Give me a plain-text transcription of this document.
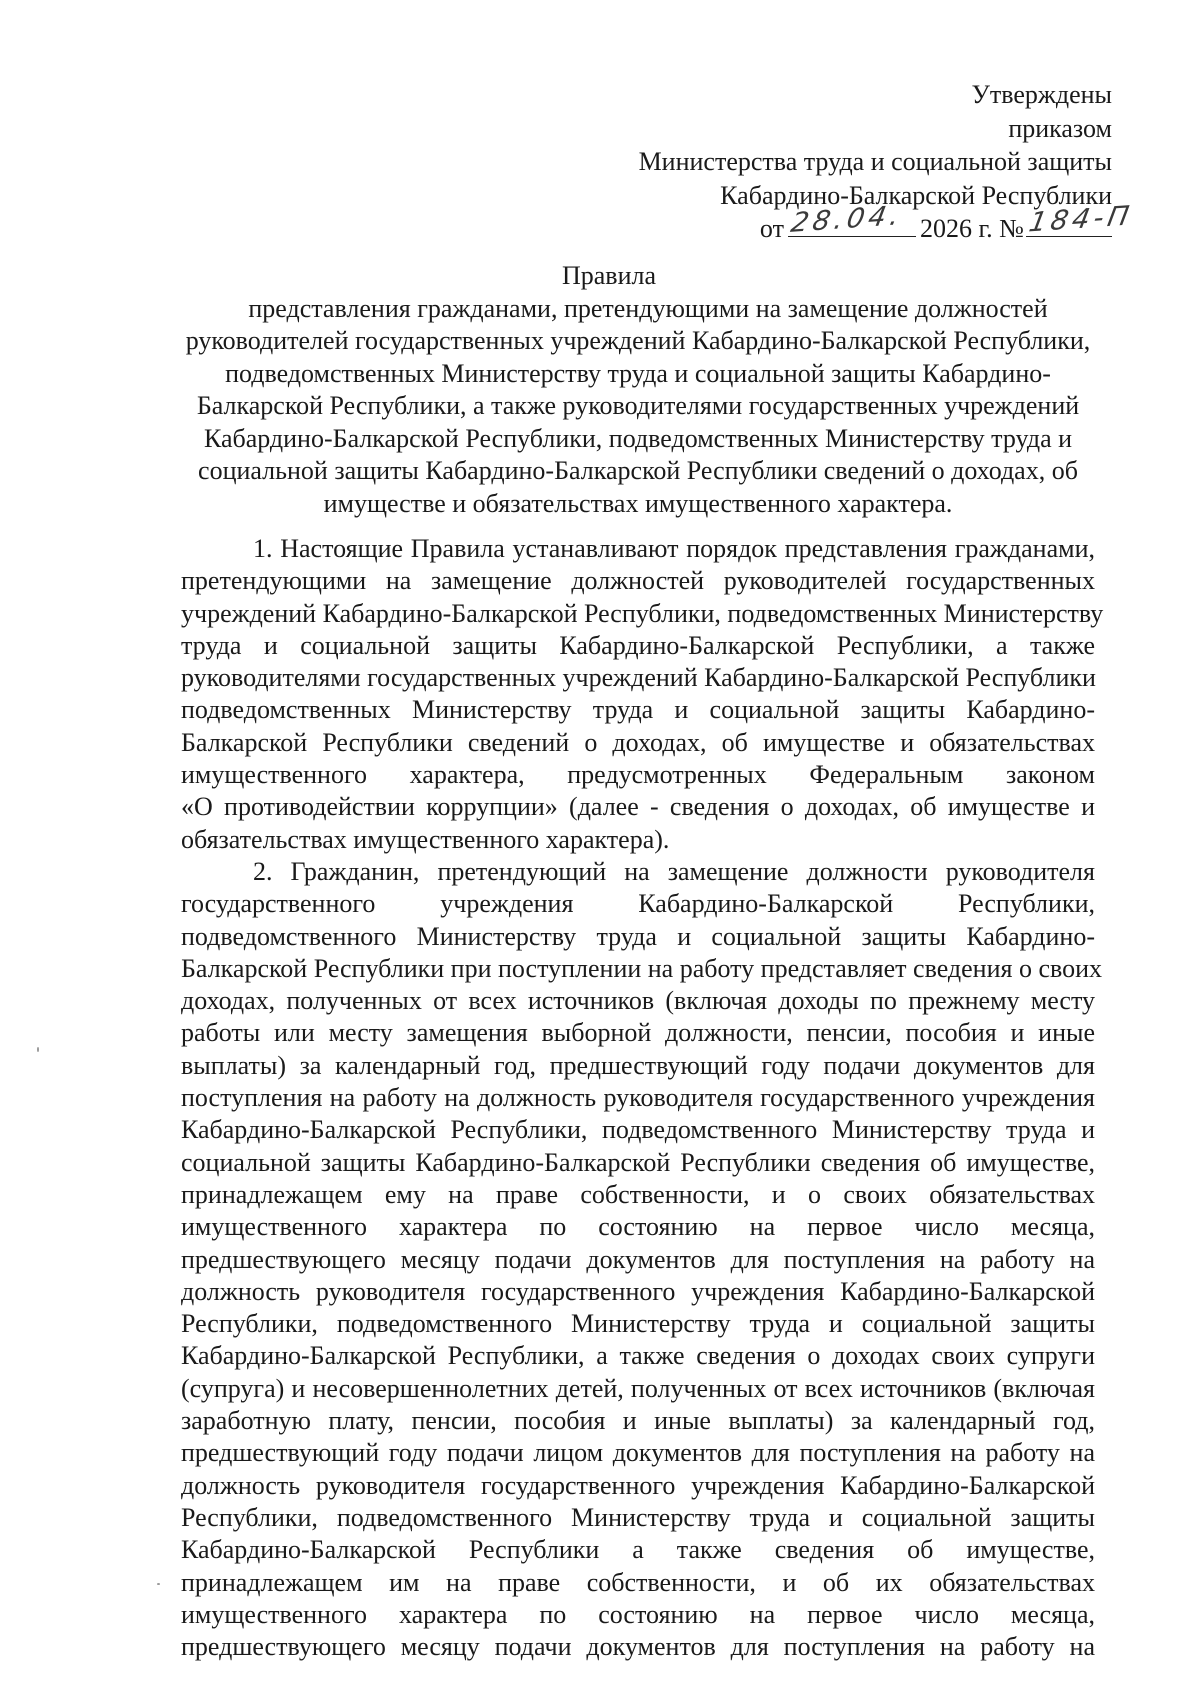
Утверждены
приказом
Министерства труда и социальной защиты
Кабардино-Балкарской Республики
от 28.04. 2026 г. № 184-П
Правила
представления гражданами, претендующими на замещение должностей
руководителей государственных учреждений Кабардино-Балкарской Республики,
подведомственных Министерству труда и социальной защиты Кабардино-
Балкарской Республики, а также руководителями государственных учреждений
Кабардино-Балкарской Республики, подведомственных Министерству труда и
социальной защиты Кабардино-Балкарской Республики сведений о доходах, об
имуществе и обязательствах имущественного характера.
1. Настоящие Правила устанавливают порядок представления гражданами,
претендующими на замещение должностей руководителей государственных
учреждений Кабардино-Балкарской Республики, подведомственных Министерству
труда и социальной защиты Кабардино-Балкарской Республики, а также
руководителями государственных учреждений Кабардино-Балкарской Республики
подведомственных Министерству труда и социальной защиты Кабардино-
Балкарской Республики сведений о доходах, об имуществе и обязательствах
имущественного характера, предусмотренных Федеральным законом
«О противодействии коррупции» (далее - сведения о доходах, об имуществе и
обязательствах имущественного характера).
2. Гражданин, претендующий на замещение должности руководителя
государственного учреждения Кабардино-Балкарской Республики,
подведомственного Министерству труда и социальной защиты Кабардино-
Балкарской Республики при поступлении на работу представляет сведения о своих
доходах, полученных от всех источников (включая доходы по прежнему месту
работы или месту замещения выборной должности, пенсии, пособия и иные
выплаты) за календарный год, предшествующий году подачи документов для
поступления на работу на должность руководителя государственного учреждения
Кабардино-Балкарской Республики, подведомственного Министерству труда и
социальной защиты Кабардино-Балкарской Республики сведения об имуществе,
принадлежащем ему на праве собственности, и о своих обязательствах
имущественного характера по состоянию на первое число месяца,
предшествующего месяцу подачи документов для поступления на работу на
должность руководителя государственного учреждения Кабардино-Балкарской
Республики, подведомственного Министерству труда и социальной защиты
Кабардино-Балкарской Республики, а также сведения о доходах своих супруги
(супруга) и несовершеннолетних детей, полученных от всех источников (включая
заработную плату, пенсии, пособия и иные выплаты) за календарный год,
предшествующий году подачи лицом документов для поступления на работу на
должность руководителя государственного учреждения Кабардино-Балкарской
Республики, подведомственного Министерству труда и социальной защиты
Кабардино-Балкарской Республики а также сведения об имуществе,
принадлежащем им на праве собственности, и об их обязательствах
имущественного характера по состоянию на первое число месяца,
предшествующего месяцу подачи документов для поступления на работу на
